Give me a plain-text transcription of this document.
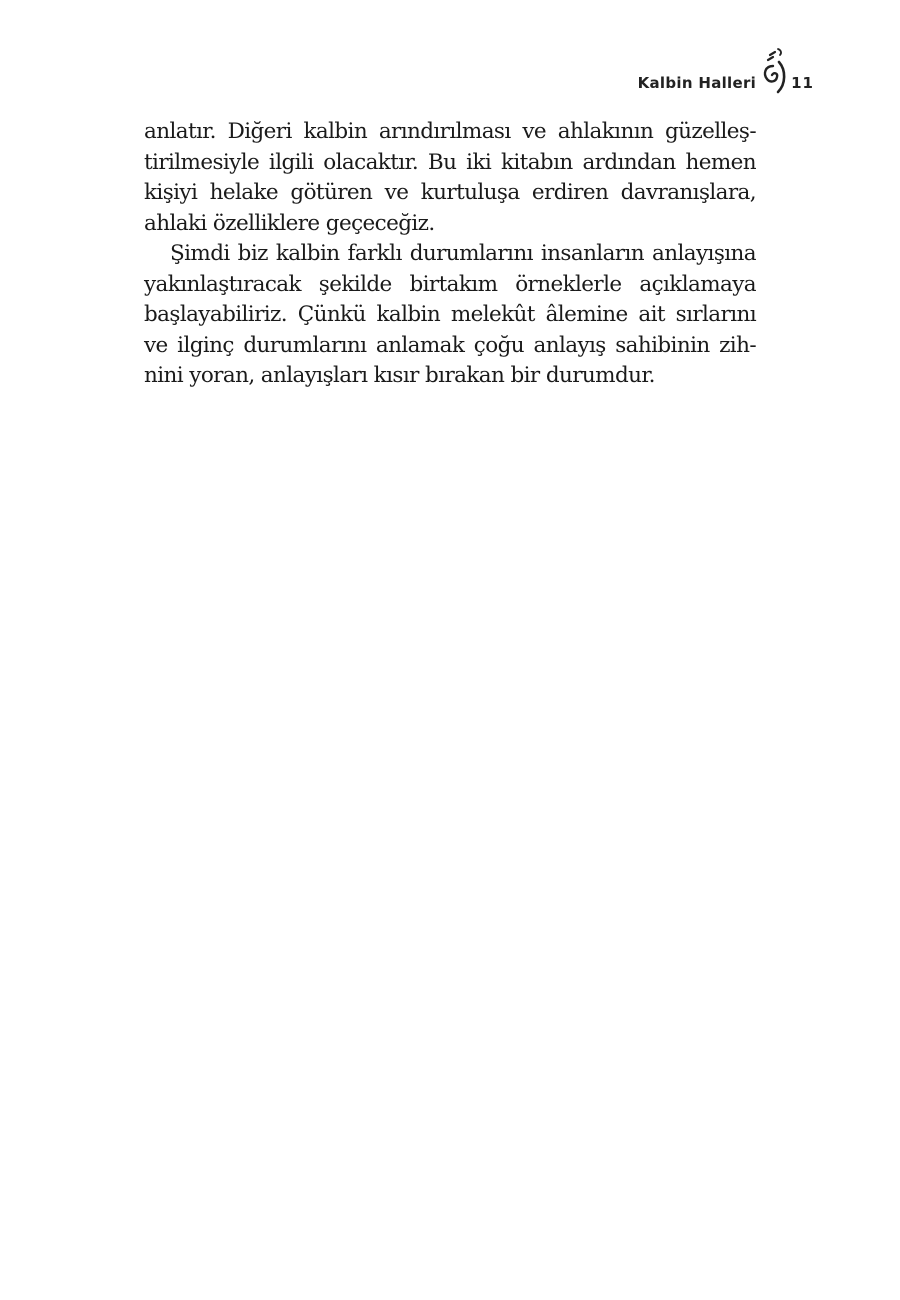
Kalbin Halleri 11

anlatır. Diğeri kalbin arındırılması ve ahlakının güzelleş-
tirilmesiyle ilgili olacaktır. Bu iki kitabın ardından hemen
kişiyi helake götüren ve kurtuluşa erdiren davranışlara,
ahlaki özelliklere geçeceğiz.

Şimdi biz kalbin farklı durumlarını insanların anlayışına
yakınlaştıracak şekilde birtakım örneklerle açıklamaya
başlayabiliriz. Çünkü kalbin melekût âlemine ait sırlarını
ve ilginç durumlarını anlamak çoğu anlayış sahibinin zih-
nini yoran, anlayışları kısır bırakan bir durumdur.
